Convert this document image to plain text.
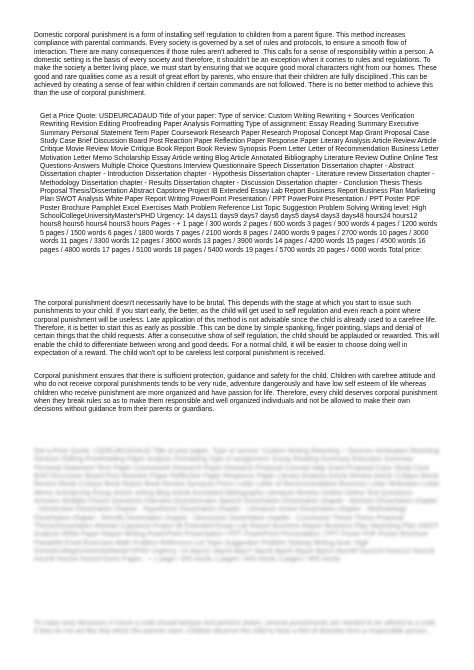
Domestic corporal punishment is a form of installing self regulation to children from a parent figure. This method increases compliance with parental commands. Every society is governed by a set of rules and protocols, to ensure a smooth flow of interaction. There are many consequences if those rules aren't adhered to .This calls for a sense of responsibility within a person. A domestic setting is the basis of every society and therefore, it shouldn't be an exception when it comes to rules and regulations. To make the society a better living place, we must start by ensuring that we acquire good moral characters right from our homes. These good and rare qualities come as a result of great effort by parents, who ensure that their children are fully disciplined .This can be achieved by creating a sense of fear within children if certain commands are not followed. There is no better method to achieve this than the use of corporal punishment.

Get a Price Quote: USDEURCADAUD Title of your paper: Type of service: Custom Writing Rewriting + Sources Verification Rewriting Revision Editing Proofreading Paper Analysis Formatting Type of assignment: Essay Reading Summary Executive Summary Personal Statement Term Paper Coursework Research Paper Research Proposal Concept Map Grant Proposal Case Study Case Brief Discussion Board Post Reaction Paper Reflection Paper Response Paper Literary Analysis Article Review Article Critique Movie Review Movie Critique Book Report Book Review Synopsis Poem Letter Letter of Recommendation Business Letter Motivation Letter Memo Scholarship Essay Article writing Blog Article Annotated Bibliography Literature Review Outline Online Test Questions-Answers Multiple Choice Questions Interview Questionnaire Speech Dissertation Dissertation chapter - Abstract Dissertation chapter - Introduction Dissertation chapter - Hypothesis Dissertation chapter - Literature review Dissertation chapter - Methodology Dissertation chapter - Results Dissertation chapter - Discussion Dissertation chapter - Conclusion Thesis Thesis Proposal Thesis/Dissertation Abstract Capstone Project IB Extended Essay Lab Report Business Report Business Plan Marketing Plan SWOT Analysis White Paper Report Writing PowerPoint Presentation / PPT PowerPoint Presentation / PPT Poster PDF Poster Brochure Pamphlet Excel Exercises Math Problem Reference List Topic Suggestion Problem Solving Writing level: High SchoolCollegeUniversityMaster'sPHD Urgency: 14 days11 days9 days7 days6 days5 days4 days3 days48 hours24 hours12 hours8 hours6 hours4 hours3 hours Pages - + 1 page / 300 words 2 pages / 600 words 3 pages / 900 words 4 pages / 1200 words 5 pages / 1500 words 6 pages / 1800 words 7 pages / 2100 words 8 pages / 2400 words 9 pages / 2700 words 10 pages / 3000 words 11 pages / 3300 words 12 pages / 3600 words 13 pages / 3900 words 14 pages / 4200 words 15 pages / 4500 words 16 pages / 4800 words 17 pages / 5100 words 18 pages / 5400 words 19 pages / 5700 words 20 pages / 6000 words Total price:

The corporal punishment doesn't necessarily have to be brutal. This depends with the stage at which you start to issue such punishments to your child. If you start early, the better, as the child will get used to self regulation and even reach a point where corporal punishment will be useless. Late application of this method is not advisable since the child is already used to a carefree life. Therefore, it is better to start this as early as possible .This can be done by simple spanking, finger pointing, slaps and denial of certain things that the child requests. After a consecutive show of self regulation, the child should be applauded or rewarded. This will enable the child to differentiate between wrong and good deeds. For a normal child, it will be easier to choose doing well in expectation of a reward. The child won't opt to be careless lest corporal punishment is received.

Corporal punishment ensures that there is sufficient protection, guidance and safety for the child. Children with carefree attitude and who do not receive corporal punishments tends to be very rude, adventure dangerously and have low self esteem of life whereas children who receive punishment are more organized and have passion for life. Therefore, every child deserves corporal punishment when they break rules so as to make them responsible and well organized individuals and not be allowed to make their own decisions without guidance from their parents or guardians.

Get a Price Quote: USDEURCADAUD Title of your paper: Type of service: Custom Writing Rewriting + Sources Verification Rewriting Revision Editing Proofreading Paper Analysis Formatting Type of assignment: Essay Reading Summary Executive Summary Personal Statement Term Paper Coursework Research Paper Research Proposal Concept Map Grant Proposal Case Study Case Brief Discussion Board Post Reaction Paper Reflection Paper Response Paper Literary Analysis Article Review Article Critique Movie Review Movie Critique Book Report Book Review Synopsis Poem Letter Letter of Recommendation Business Letter Motivation Letter Memo Scholarship Essay Article writing Blog Article Annotated Bibliography Literature Review Outline Online Test Questions-Answers Multiple Choice Questions Interview Questionnaire Speech Dissertation Dissertation chapter - Abstract Dissertation chapter - Introduction Dissertation chapter - Hypothesis Dissertation chapter - Literature review Dissertation chapter - Methodology Dissertation chapter - Results Dissertation chapter - Discussion Dissertation chapter - Conclusion Thesis Thesis Proposal Thesis/Dissertation Abstract Capstone Project IB Extended Essay Lab Report Business Report Business Plan Marketing Plan SWOT Analysis White Paper Report Writing PowerPoint Presentation / PPT PowerPoint Presentation / PPT Poster PDF Poster Brochure Pamphlet Excel Exercises Math Problem Reference List Topic Suggestion Problem Solving Writing level: High SchoolCollegeUniversityMaster'sPHD Urgency: 14 days11 days9 days7 days6 days5 days4 days3 days48 hours24 hours12 hours8 hours6 hours4 hours3 hours Pages - + 1 page / 300 words 2 pages / 600 words 3 pages / 900 words

To make wise decisions in future a child should behave and perform duties, several punishments are needed to be offered to a child if they do not act like that which the parents want. Children deserve the child to have a feel of direction from a responsible person.
